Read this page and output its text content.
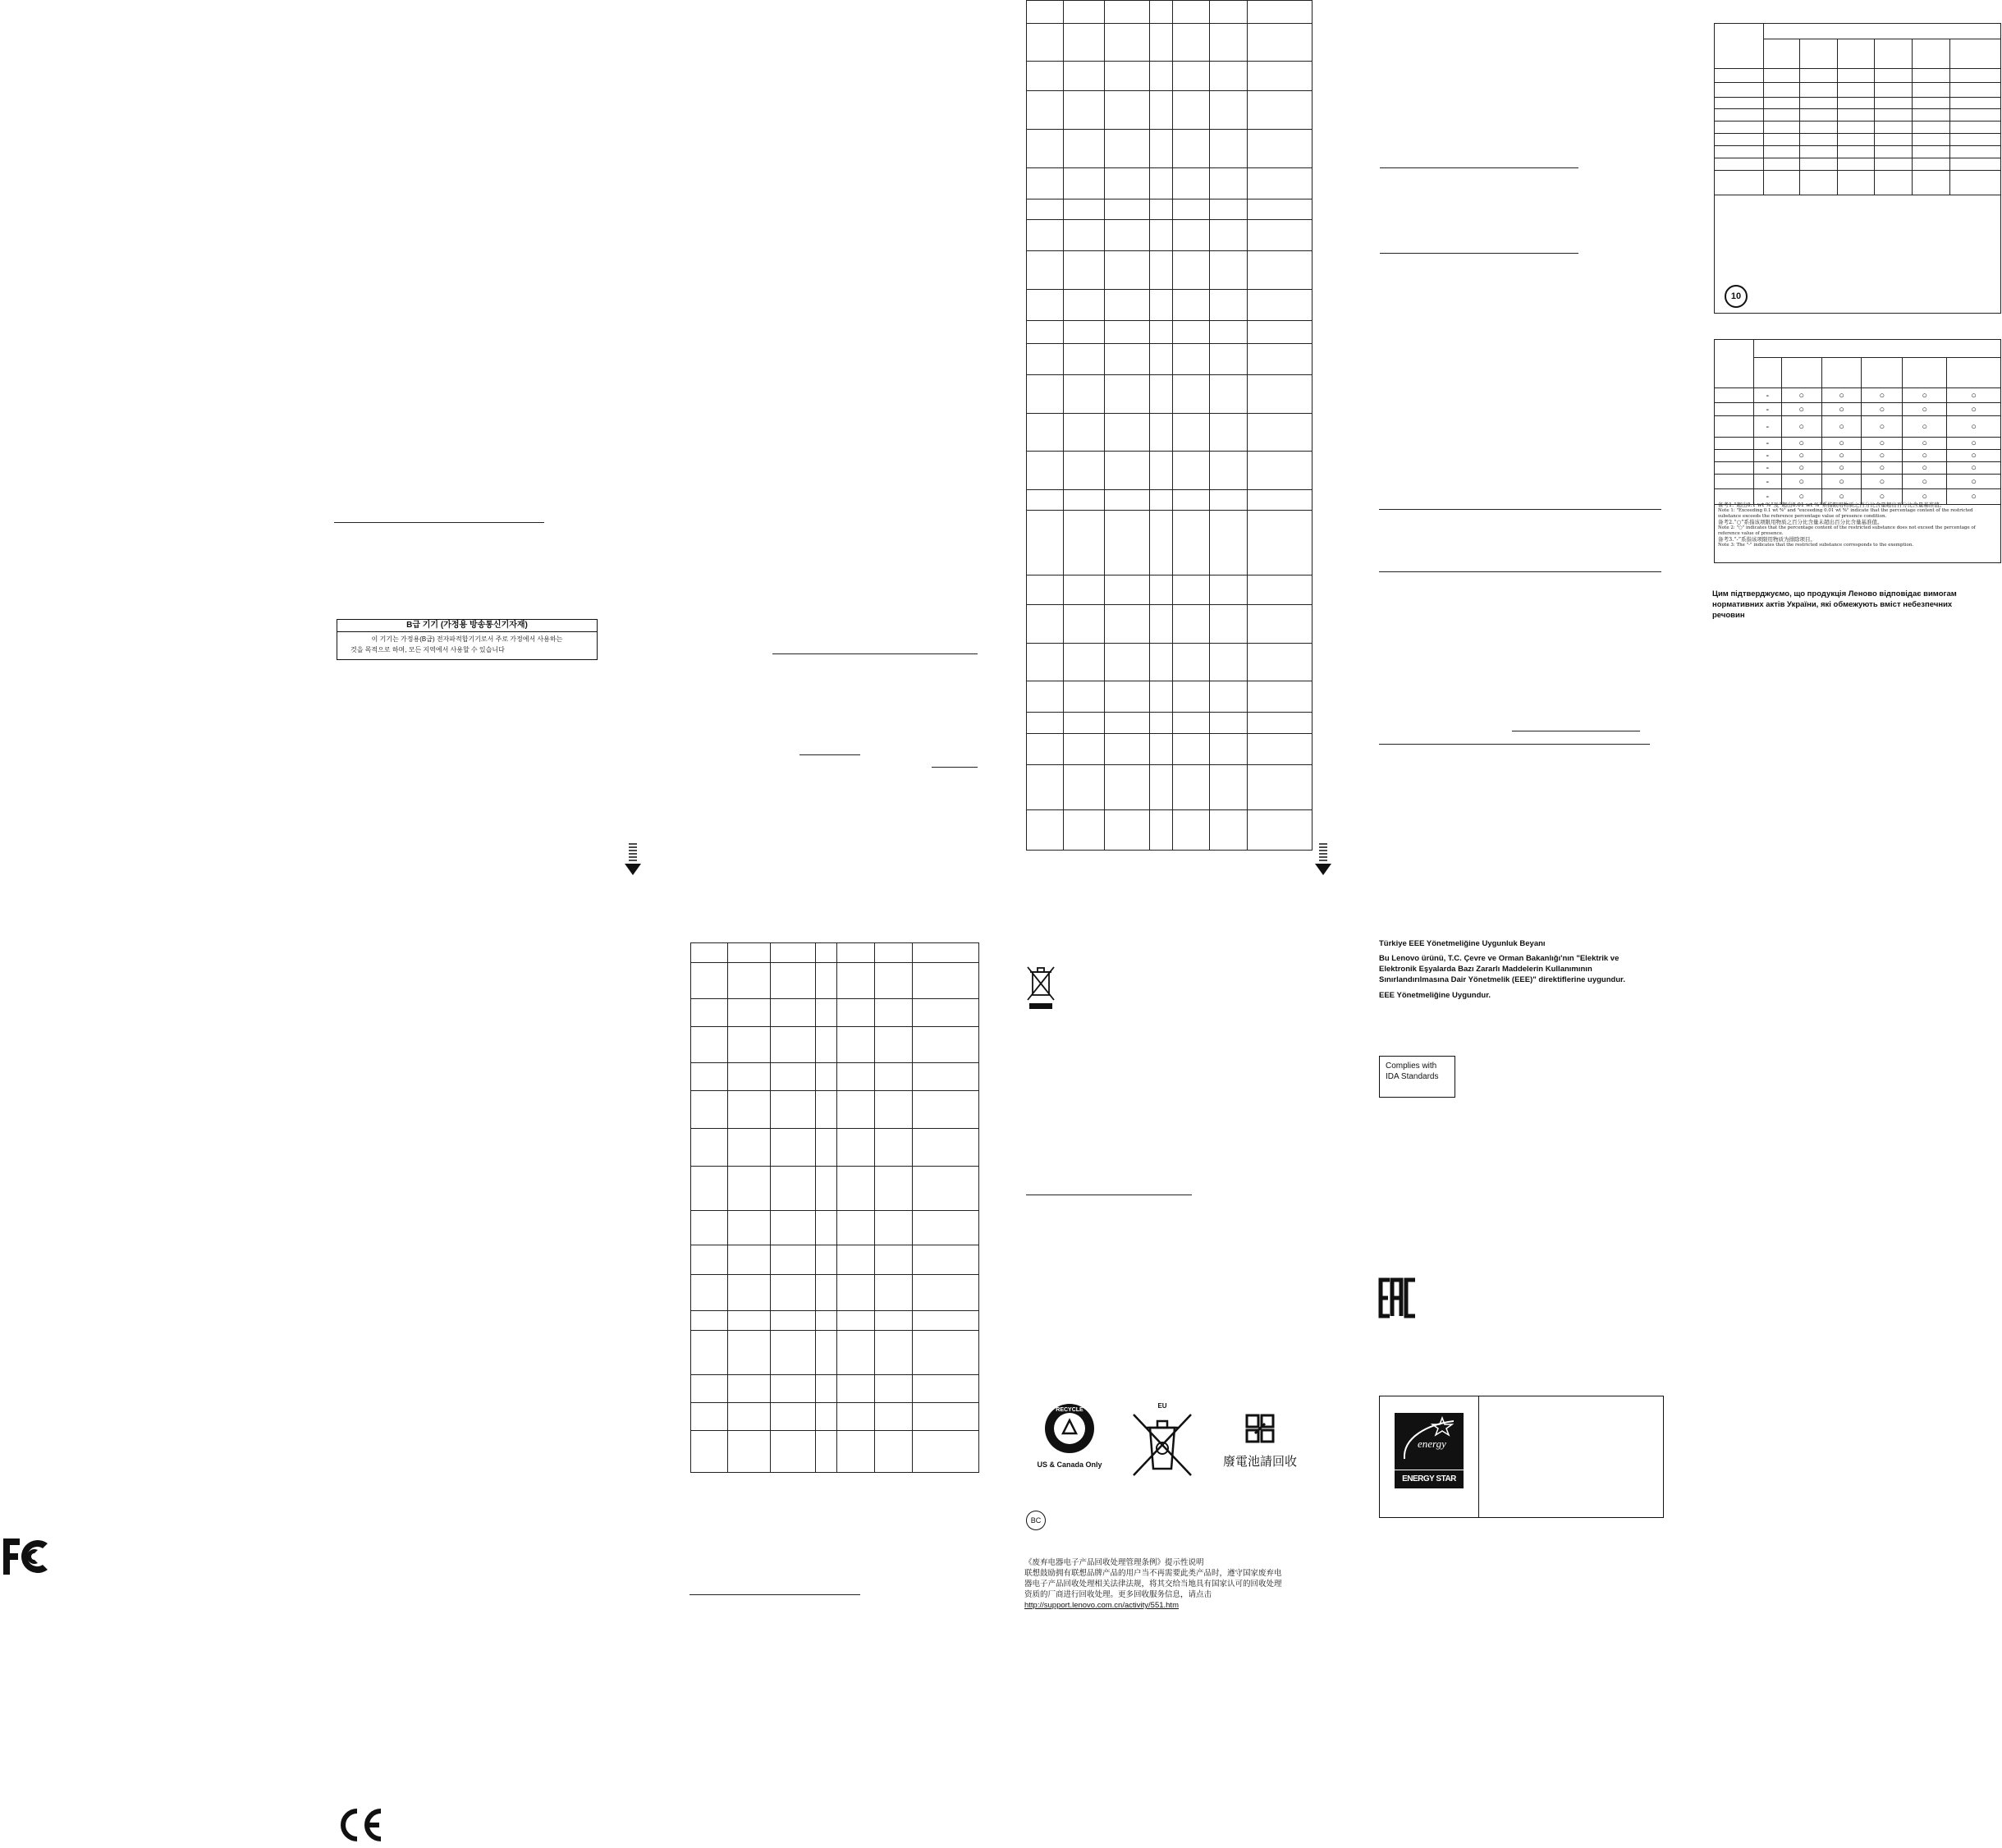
B급 기기 (가정용 방송통신기자재)
이 기기는 가정용(B급) 전자파적합기기로서 주로 가정에서 사용하는
것을 목적으로 하며, 모든 지역에서 사용할 수 있습니다

RECYCLE
US & Canada Only
EU
廢電池請回收
BC
《废弃电器电子产品回收处理管理条例》提示性说明
联想鼓励拥有联想品牌产品的用户当不再需要此类产品时，遵守国家废弃电
器电子产品回收处理相关法律法规，将其交给当地具有国家认可的回收处理
资质的厂商进行回收处理。更多回收服务信息，请点击
http://support.lenovo.com.cn/activity/551.htm
Türkiye EEE Yönetmeliğine Uygunluk Beyanı
Bu Lenovo ürünü, T.C. Çevre ve Orman Bakanlığı'nın "Elektrik ve
Elektronik Eşyalarda Bazı Zararlı Maddelerin Kullanımının
Sınırlandırılmasına Dair Yönetmelik (EEE)" direktiflerine uygundur.
EEE Yönetmeliğine Uygundur.
Complies with
IDA Standards
energy
ENERGY STAR

10

	-	○	○	○	○	○
	-	○	○	○	○	○
	-	○	○	○	○	○
	-	○	○	○	○	○
	-	○	○	○	○	○
	-	○	○	○	○	○
	-	○	○	○	○	○
	-	○	○	○	○	○
备考1.“超出0.1 wt %”及“超出0.01 wt %”系指限用物质之百分比含量超出百分比含量基准值。
Note 1: "Exceeding 0.1 wt %" and "exceeding 0.01 wt %" indicate that the percentage content of the restricted substance exceeds the reference percentage value of presence condition.
备考2.“○”系指该项限用物质之百分比含量未超出百分比含量基准值。
Note 2: "○" indicates that the percentage content of the restricted substance does not exceed the percentage of reference value of presence.
备考3.“-”系指该项限用物质为排除项目。
Note 3: The "-" indicates that the restricted substance corresponds to the exemption.
Цим підтверджуємо, що продукція Леново відповідає вимогам
нормативних актів України, які обмежують вміст небезпечних
речовин
